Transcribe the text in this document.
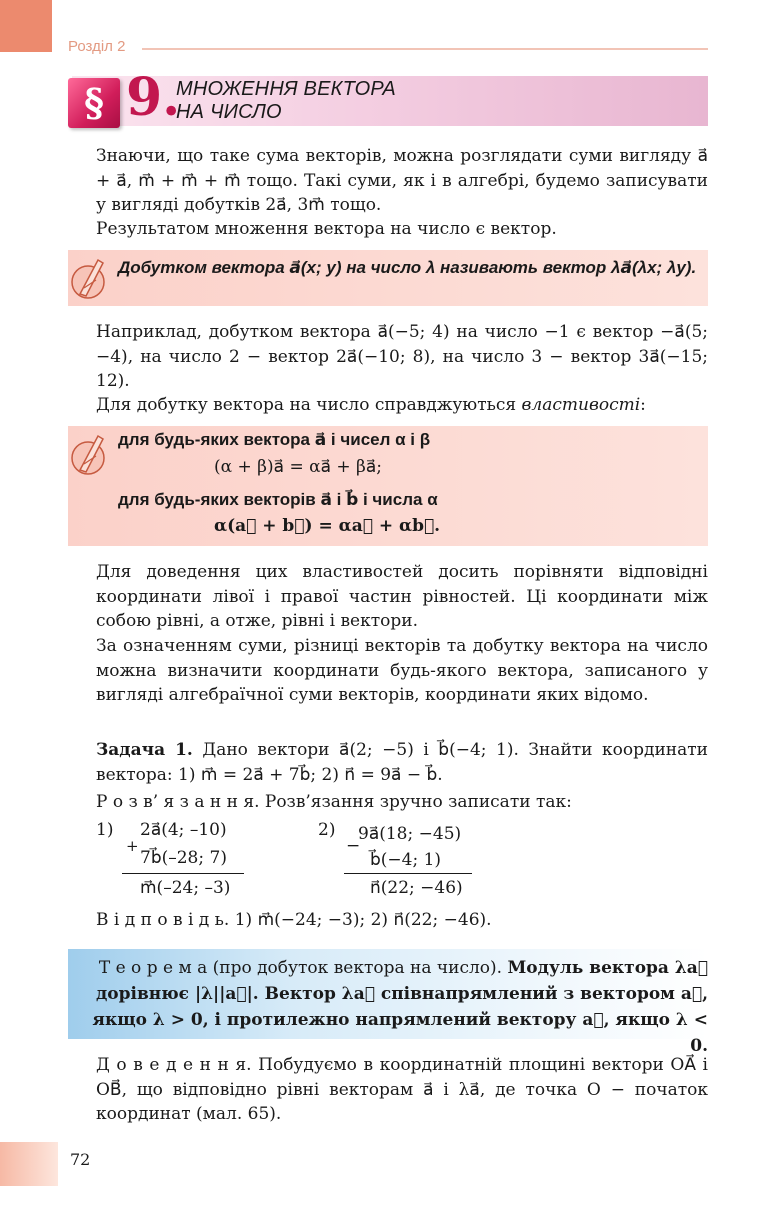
Розділ 2
§ 9.
МНОЖЕННЯ ВЕКТОРА
НА ЧИСЛО
Знаючи, що таке сума векторів, можна розглядати суми вигляду a⃗ + a⃗, m⃗ + m⃗ + m⃗ тощо. Такі суми, як і в алгебрі, будемо записувати у вигляді добутків 2a⃗, 3m⃗ тощо.
Результатом множення вектора на число є вектор.
Добутком вектора a⃗(x; y) на число λ називають вектор λa⃗(λx; λy).
Наприклад, добутком вектора a⃗(−5; 4) на число −1 є вектор −a⃗(5; −4), на число 2 − вектор 2a⃗(−10; 8), на число 3 − вектор 3a⃗(−15; 12).
Для добутку вектора на число справджуються властивості:
для будь-яких вектора a⃗ і чисел α і β
(α + β)a⃗ = αa⃗ + βa⃗;
для будь-яких векторів a⃗ і b⃗ і числа α
α(a⃗ + b⃗) = αa⃗ + αb⃗.
Для доведення цих властивостей досить порівняти відповідні координати лівої і правої частин рівностей. Ці координати між собою рівні, а отже, рівні і вектори.
За означенням суми, різниці векторів та добутку вектора на число можна визначити координати будь-якого вектора, записаного у вигляді алгебраїчної суми векторів, координати яких відомо.
Задача 1. Дано вектори a⃗(2; −5) і b⃗(−4; 1). Знайти координати вектора: 1) m⃗ = 2a⃗ + 7b⃗; 2) n⃗ = 9a⃗ − b⃗.
Р о з в’ я з а н н я. Розв’язання зручно записати так:
1)
+
2a⃗(4; –10)
7b⃗(–28; 7)
m⃗(–24; –3)
2)
−
9a⃗(18; −45)
b⃗(−4; 1)
n⃗(22; −46)
В і д п о в і д ь. 1) m⃗(−24; −3); 2) n⃗(22; −46).
Т е о р е м а (про добуток вектора на число). Модуль вектора λa⃗ дорівнює |λ||a⃗|. Вектор λa⃗ співнапрямлений з вектором a⃗, якщо λ > 0, і протилежно напрямлений вектору a⃗, якщо λ < 0.
Д о в е д е н н я. Побудуємо в координатній площині вектори OA⃗ і OB⃗, що відповідно рівні векторам a⃗ і λa⃗, де точка O − початок координат (мал. 65).
72
